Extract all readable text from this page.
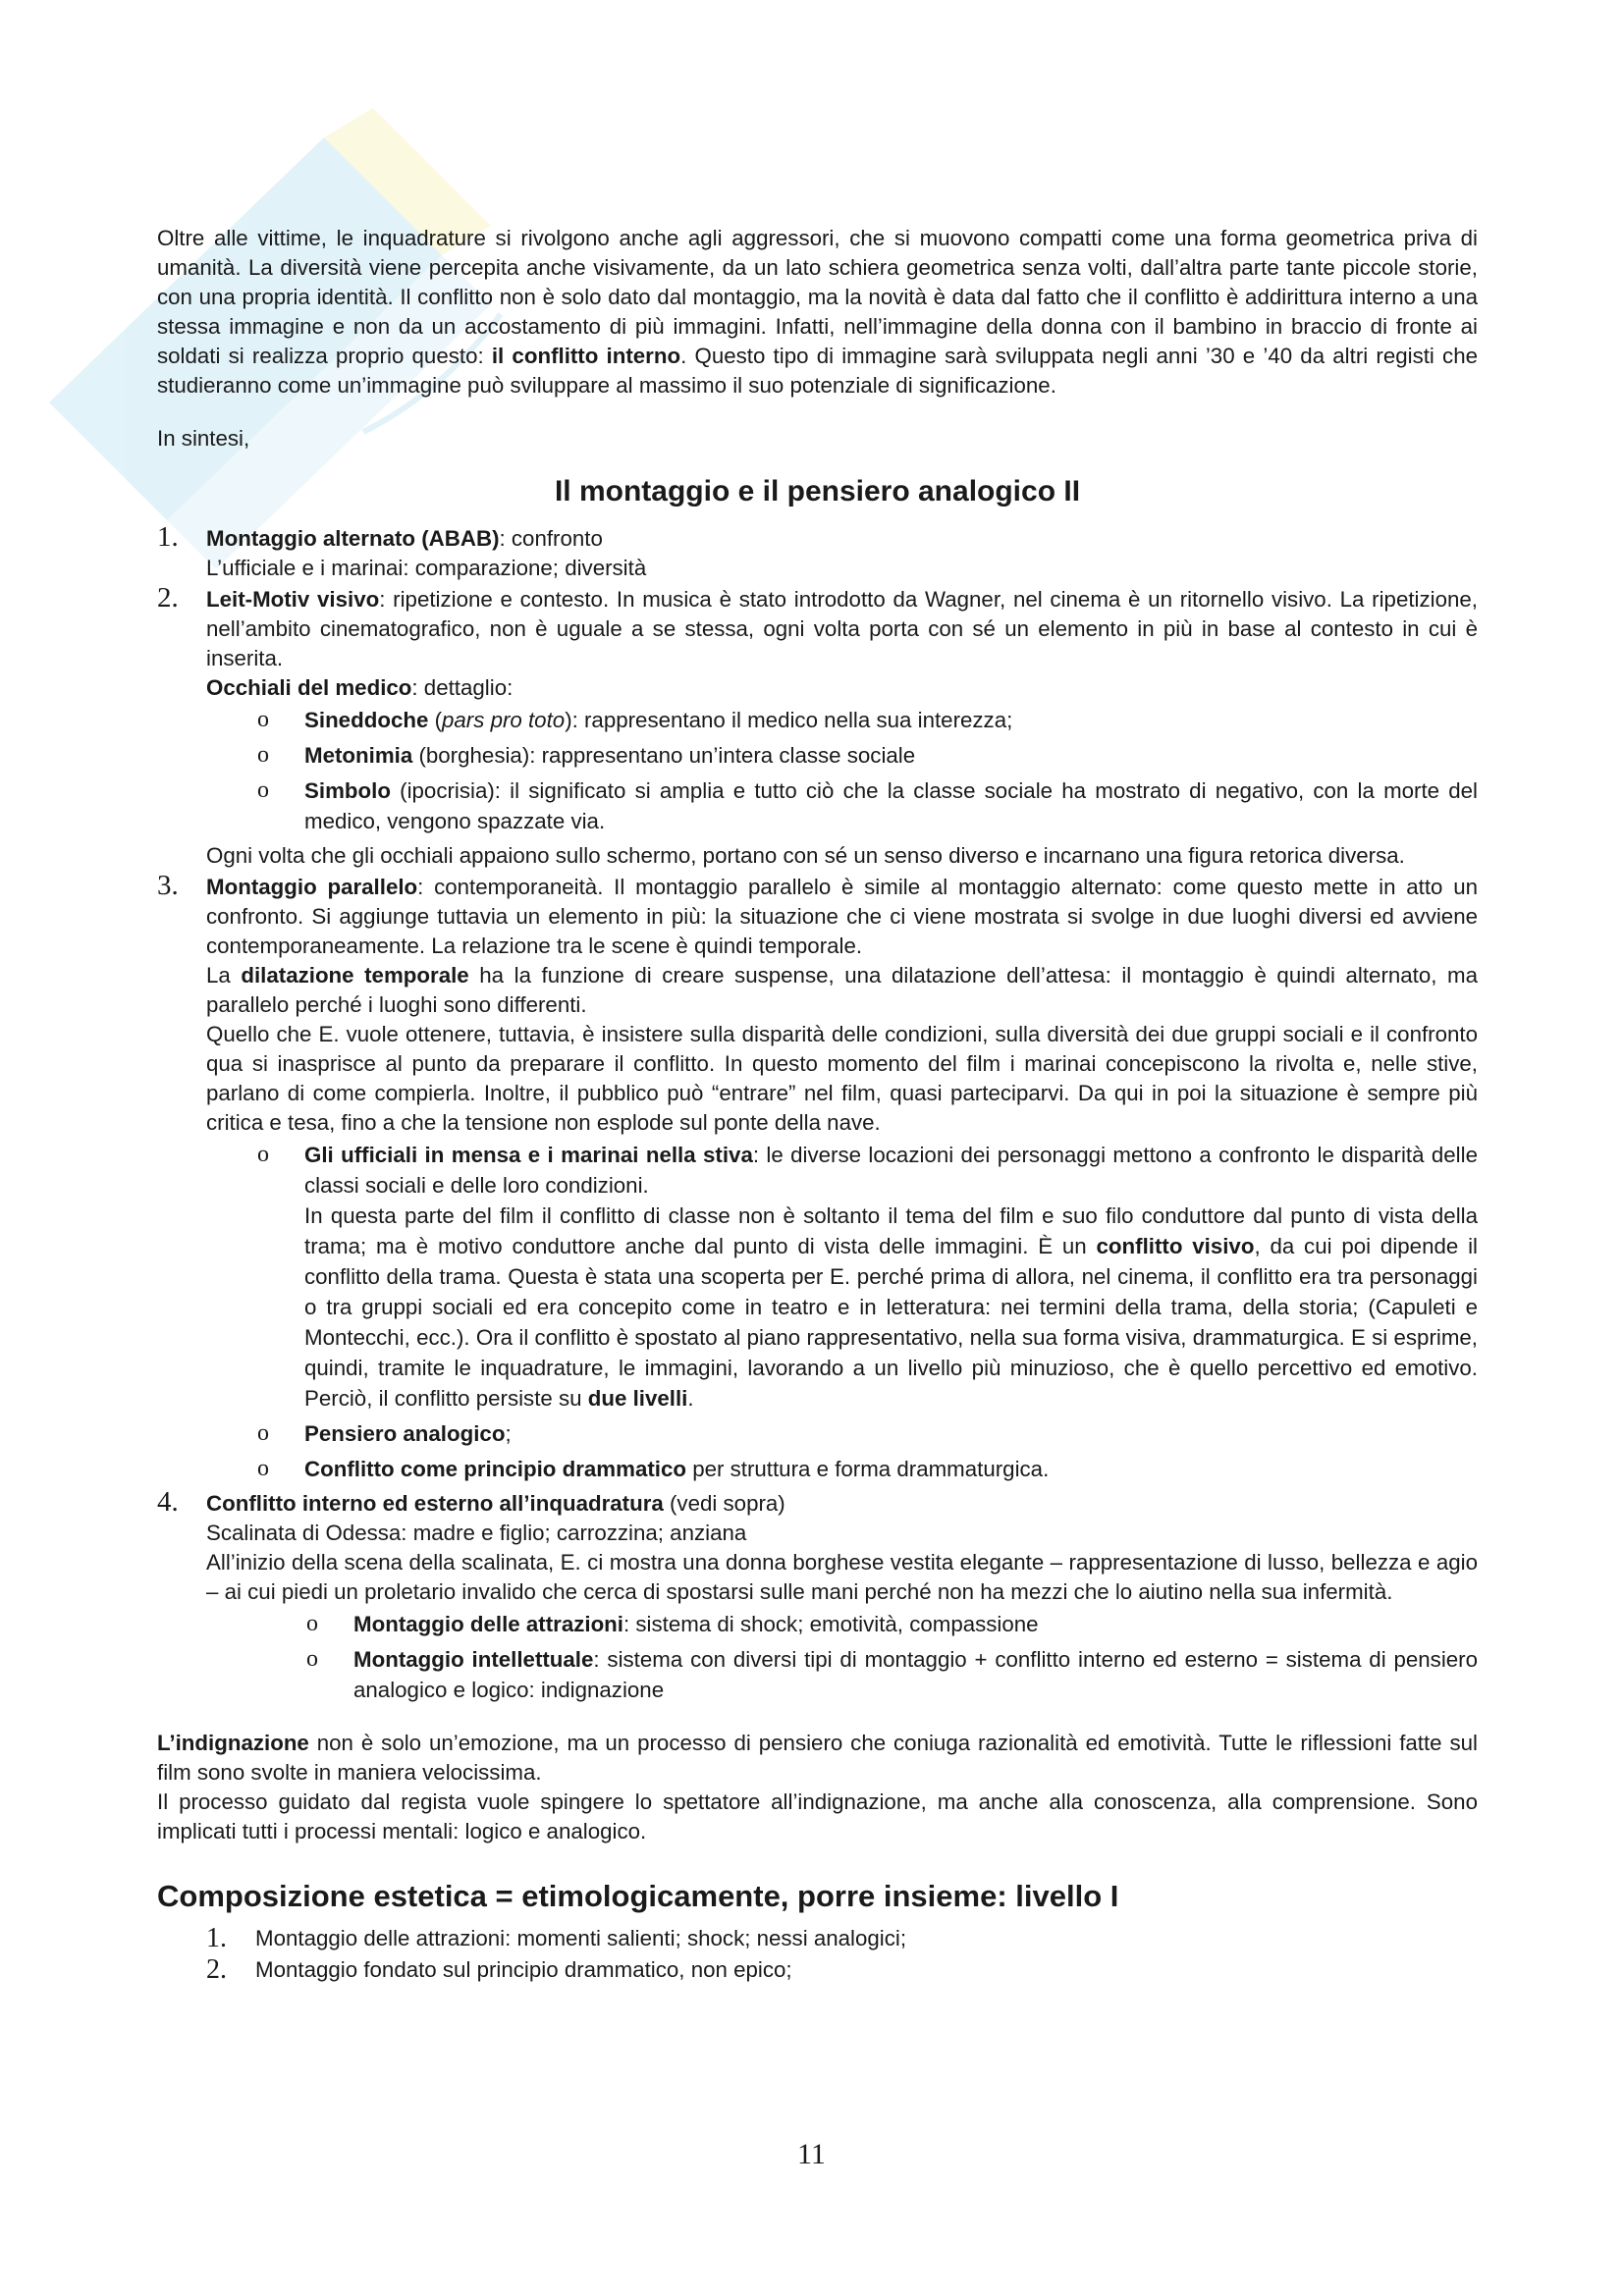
Oltre alle vittime, le inquadrature si rivolgono anche agli aggressori, che si muovono compatti come una forma geometrica priva di umanità. La diversità viene percepita anche visivamente, da un lato schiera geometrica senza volti, dall’altra parte tante piccole storie, con una propria identità. Il conflitto non è solo dato dal montaggio, ma la novità è data dal fatto che il conflitto è addirittura interno a una stessa immagine e non da un accostamento di più immagini. Infatti, nell’immagine della donna con il bambino in braccio di fronte ai soldati si realizza proprio questo: il conflitto interno. Questo tipo di immagine sarà sviluppata negli anni ’30 e ’40 da altri registi che studieranno come un’immagine può sviluppare al massimo il suo potenziale di significazione.

In sintesi,

Il montaggio e il pensiero analogico II
1. Montaggio alternato (ABAB): confronto
L’ufficiale e i marinai: comparazione; diversità
2. Leit-Motiv visivo: ripetizione e contesto. In musica è stato introdotto da Wagner, nel cinema è un ritornello visivo. La ripetizione, nell’ambito cinematografico, non è uguale a se stessa, ogni volta porta con sé un elemento in più in base al contesto in cui è inserita.
Occhiali del medico: dettaglio:
o Sineddoche (pars pro toto): rappresentano il medico nella sua interezza;
o Metonimia (borghesia): rappresentano un’intera classe sociale
o Simbolo (ipocrisia): il significato si amplia e tutto ciò che la classe sociale ha mostrato di negativo, con la morte del medico, vengono spazzate via.
Ogni volta che gli occhiali appaiono sullo schermo, portano con sé un senso diverso e incarnano una figura retorica diversa.
3. Montaggio parallelo: contemporaneità. Il montaggio parallelo è simile al montaggio alternato: come questo mette in atto un confronto. Si aggiunge tuttavia un elemento in più: la situazione che ci viene mostrata si svolge in due luoghi diversi ed avviene contemporaneamente. La relazione tra le scene è quindi temporale.
La dilatazione temporale ha la funzione di creare suspense, una dilatazione dell’attesa: il montaggio è quindi alternato, ma parallelo perché i luoghi sono differenti.
Quello che E. vuole ottenere, tuttavia, è insistere sulla disparità delle condizioni, sulla diversità dei due gruppi sociali e il confronto qua si inasprisce al punto da preparare il conflitto. In questo momento del film i marinai concepiscono la rivolta e, nelle stive, parlano di come compierla. Inoltre, il pubblico può “entrare” nel film, quasi parteciparvi. Da qui in poi la situazione è sempre più critica e tesa, fino a che la tensione non esplode sul ponte della nave.
o Gli ufficiali in mensa e i marinai nella stiva: le diverse locazioni dei personaggi mettono a confronto le disparità delle classi sociali e delle loro condizioni.
In questa parte del film il conflitto di classe non è soltanto il tema del film e suo filo conduttore dal punto di vista della trama; ma è motivo conduttore anche dal punto di vista delle immagini. È un conflitto visivo, da cui poi dipende il conflitto della trama. Questa è stata una scoperta per E. perché prima di allora, nel cinema, il conflitto era tra personaggi o tra gruppi sociali ed era concepito come in teatro e in letteratura: nei termini della trama, della storia; (Capuleti e Montecchi, ecc.). Ora il conflitto è spostato al piano rappresentativo, nella sua forma visiva, drammaturgica. E si esprime, quindi, tramite le inquadrature, le immagini, lavorando a un livello più minuzioso, che è quello percettivo ed emotivo. Perciò, il conflitto persiste su due livelli.
o Pensiero analogico;
o Conflitto come principio drammatico per struttura e forma drammaturgica.
4. Conflitto interno ed esterno all’inquadratura (vedi sopra)
Scalinata di Odessa: madre e figlio; carrozzina; anziana
All’inizio della scena della scalinata, E. ci mostra una donna borghese vestita elegante – rappresentazione di lusso, bellezza e agio – ai cui piedi un proletario invalido che cerca di spostarsi sulle mani perché non ha mezzi che lo aiutino nella sua infermità.
o Montaggio delle attrazioni: sistema di shock; emotività, compassione
o Montaggio intellettuale: sistema con diversi tipi di montaggio + conflitto interno ed esterno = sistema di pensiero analogico e logico: indignazione

L’indignazione non è solo un’emozione, ma un processo di pensiero che coniuga razionalità ed emotività. Tutte le riflessioni fatte sul film sono svolte in maniera velocissima.

Il processo guidato dal regista vuole spingere lo spettatore all’indignazione, ma anche alla conoscenza, alla comprensione. Sono implicati tutti i processi mentali: logico e analogico.

Composizione estetica = etimologicamente, porre insieme: livello I
1. Montaggio delle attrazioni: momenti salienti; shock; nessi analogici;
2. Montaggio fondato sul principio drammatico, non epico;
11
